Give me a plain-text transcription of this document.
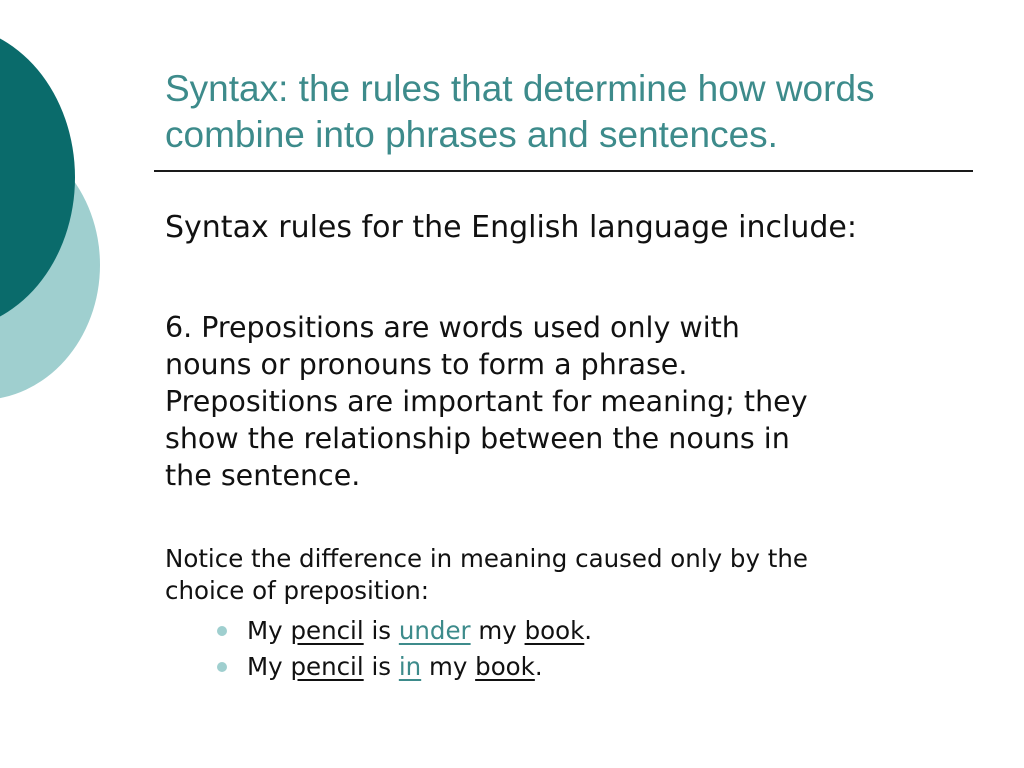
Syntax: the rules that determine how words
combine into phrases and sentences.
Syntax rules for the English language include:
6. Prepositions are words used only with
nouns or pronouns to form a phrase.
Prepositions are important for meaning; they
show the relationship between the nouns in
the sentence.
Notice the difference in meaning caused only by the
choice of preposition:
My pencil is under my book.
My pencil is in my book.
